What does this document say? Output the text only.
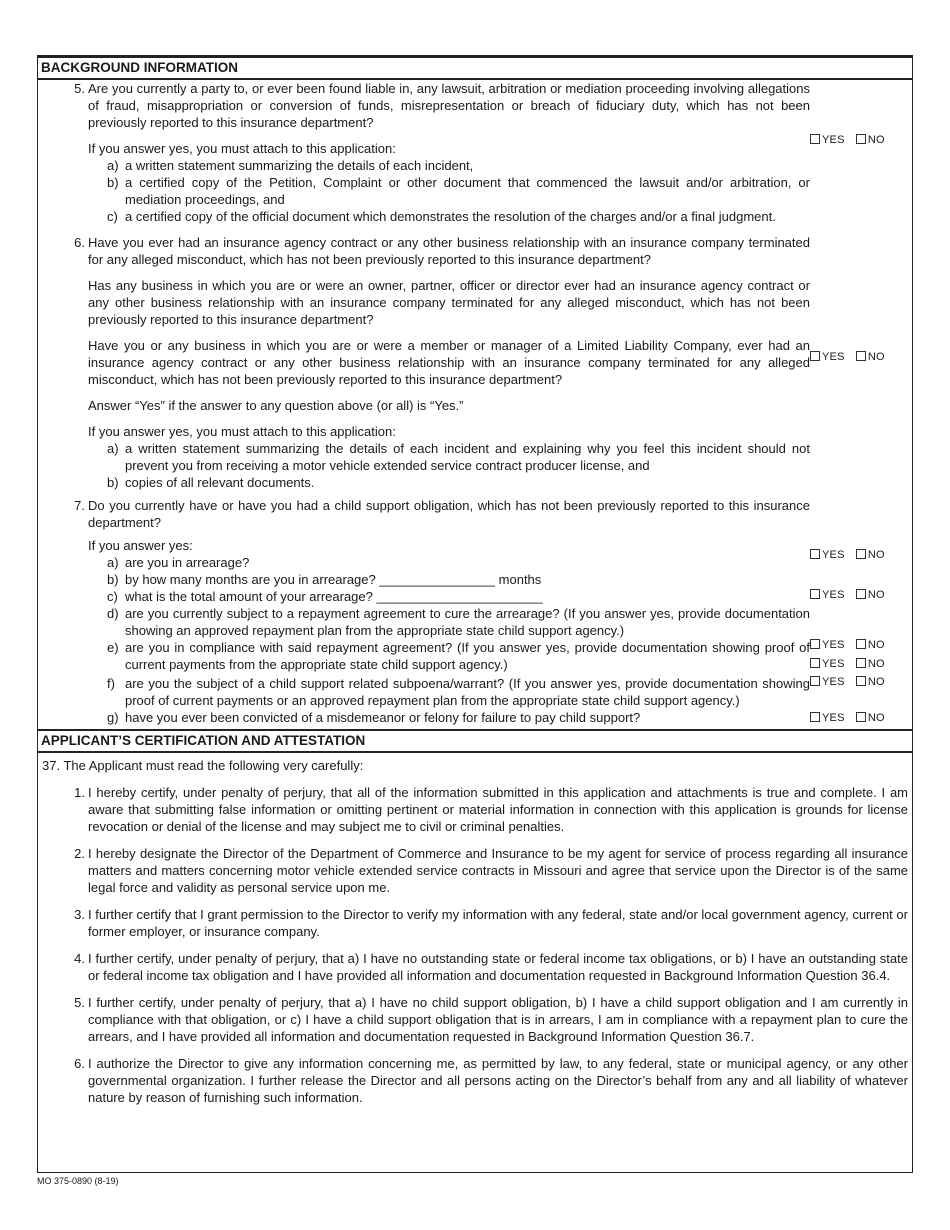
BACKGROUND INFORMATION
5. Are you currently a party to, or ever been found liable in, any lawsuit, arbitration or mediation proceeding involving allegations of fraud, misappropriation or conversion of funds, misrepresentation or breach of fiduciary duty, which has not been previously reported to this insurance department?

If you answer yes, you must attach to this application:

a) a written statement summarizing the details of each incident,
b) a certified copy of the Petition, Complaint or other document that commenced the lawsuit and/or arbitration, or mediation proceedings, and
c) a certified copy of the official document which demonstrates the resolution of the charges and/or a final judgment.
6. Have you ever had an insurance agency contract or any other business relationship with an insurance company terminated for any alleged misconduct, which has not been previously reported to this insurance department?

Has any business in which you are or were an owner, partner, officer or director ever had an insurance agency contract or any other business relationship with an insurance company terminated for any alleged misconduct, which has not been previously reported to this insurance department?

Have you or any business in which you are or were a member or manager of a Limited Liability Company, ever had an insurance agency contract or any other business relationship with an insurance company terminated for any alleged misconduct, which has not been previously reported to this insurance department?

Answer “Yes” if the answer to any question above (or all) is “Yes.”

If you answer yes, you must attach to this application:

a) a written statement summarizing the details of each incident and explaining why you feel this incident should not prevent you from receiving a motor vehicle extended service contract producer license, and
b) copies of all relevant documents.
7. Do you currently have or have you had a child support obligation, which has not been previously reported to this insurance department?

If you answer yes:

a) are you in arrearage?
b) by how many months are you in arrearage? ________________ months
c) what is the total amount of your arrearage? _______________________
d) are you currently subject to a repayment agreement to cure the arrearage? (If you answer yes, provide documentation showing an approved repayment plan from the appropriate state child support agency.)
e) are you in compliance with said repayment agreement? (If you answer yes, provide documentation showing proof of current payments from the appropriate state child support agency.)
f) are you the subject of a child support related subpoena/warrant? (If you answer yes, provide documentation showing proof of current payments or an approved repayment plan from the appropriate state child support agency.)
g) have you ever been convicted of a misdemeanor or felony for failure to pay child support?
YES NO
YES NO
YES NO
YES NO
YES NO
YES NO
YES NO
YES NO
APPLICANT’S CERTIFICATION AND ATTESTATION

37. The Applicant must read the following very carefully:

1. I hereby certify, under penalty of perjury, that all of the information submitted in this application and attachments is true and complete. I am aware that submitting false information or omitting pertinent or material information in connection with this application is grounds for license revocation or denial of the license and may subject me to civil or criminal penalties.

2. I hereby designate the Director of the Department of Commerce and Insurance to be my agent for service of process regarding all insurance matters and matters concerning motor vehicle extended service contracts in Missouri and agree that service upon the Director is of the same legal force and validity as personal service upon me.

3. I further certify that I grant permission to the Director to verify my information with any federal, state and/or local government agency, current or former employer, or insurance company.

4. I further certify, under penalty of perjury, that a) I have no outstanding state or federal income tax obligations, or b) I have an outstanding state or federal income tax obligation and I have provided all information and documentation requested in Background Information Question 36.4.

5. I further certify, under penalty of perjury, that a) I have no child support obligation, b) I have a child support obligation and I am currently in compliance with that obligation, or c) I have a child support obligation that is in arrears, I am in compliance with a repayment plan to cure the arrears, and I have provided all information and documentation requested in Background Information Question 36.7.

6. I authorize the Director to give any information concerning me, as permitted by law, to any federal, state or municipal agency, or any other governmental organization. I further release the Director and all persons acting on the Director’s behalf from any and all liability of whatever nature by reason of furnishing such information.

MO 375-0890 (8-19)
